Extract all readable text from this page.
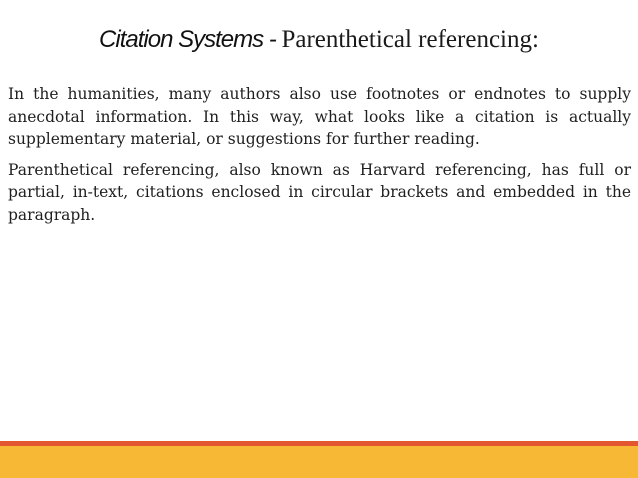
Citation Systems - Parenthetical referencing:

In the humanities, many authors also use footnotes or endnotes to supply anecdotal information. In this way, what looks like a citation is actually supplementary material, or suggestions for further reading.

Parenthetical referencing, also known as Harvard referencing, has full or partial, in-text, citations enclosed in circular brackets and embedded in the paragraph.
